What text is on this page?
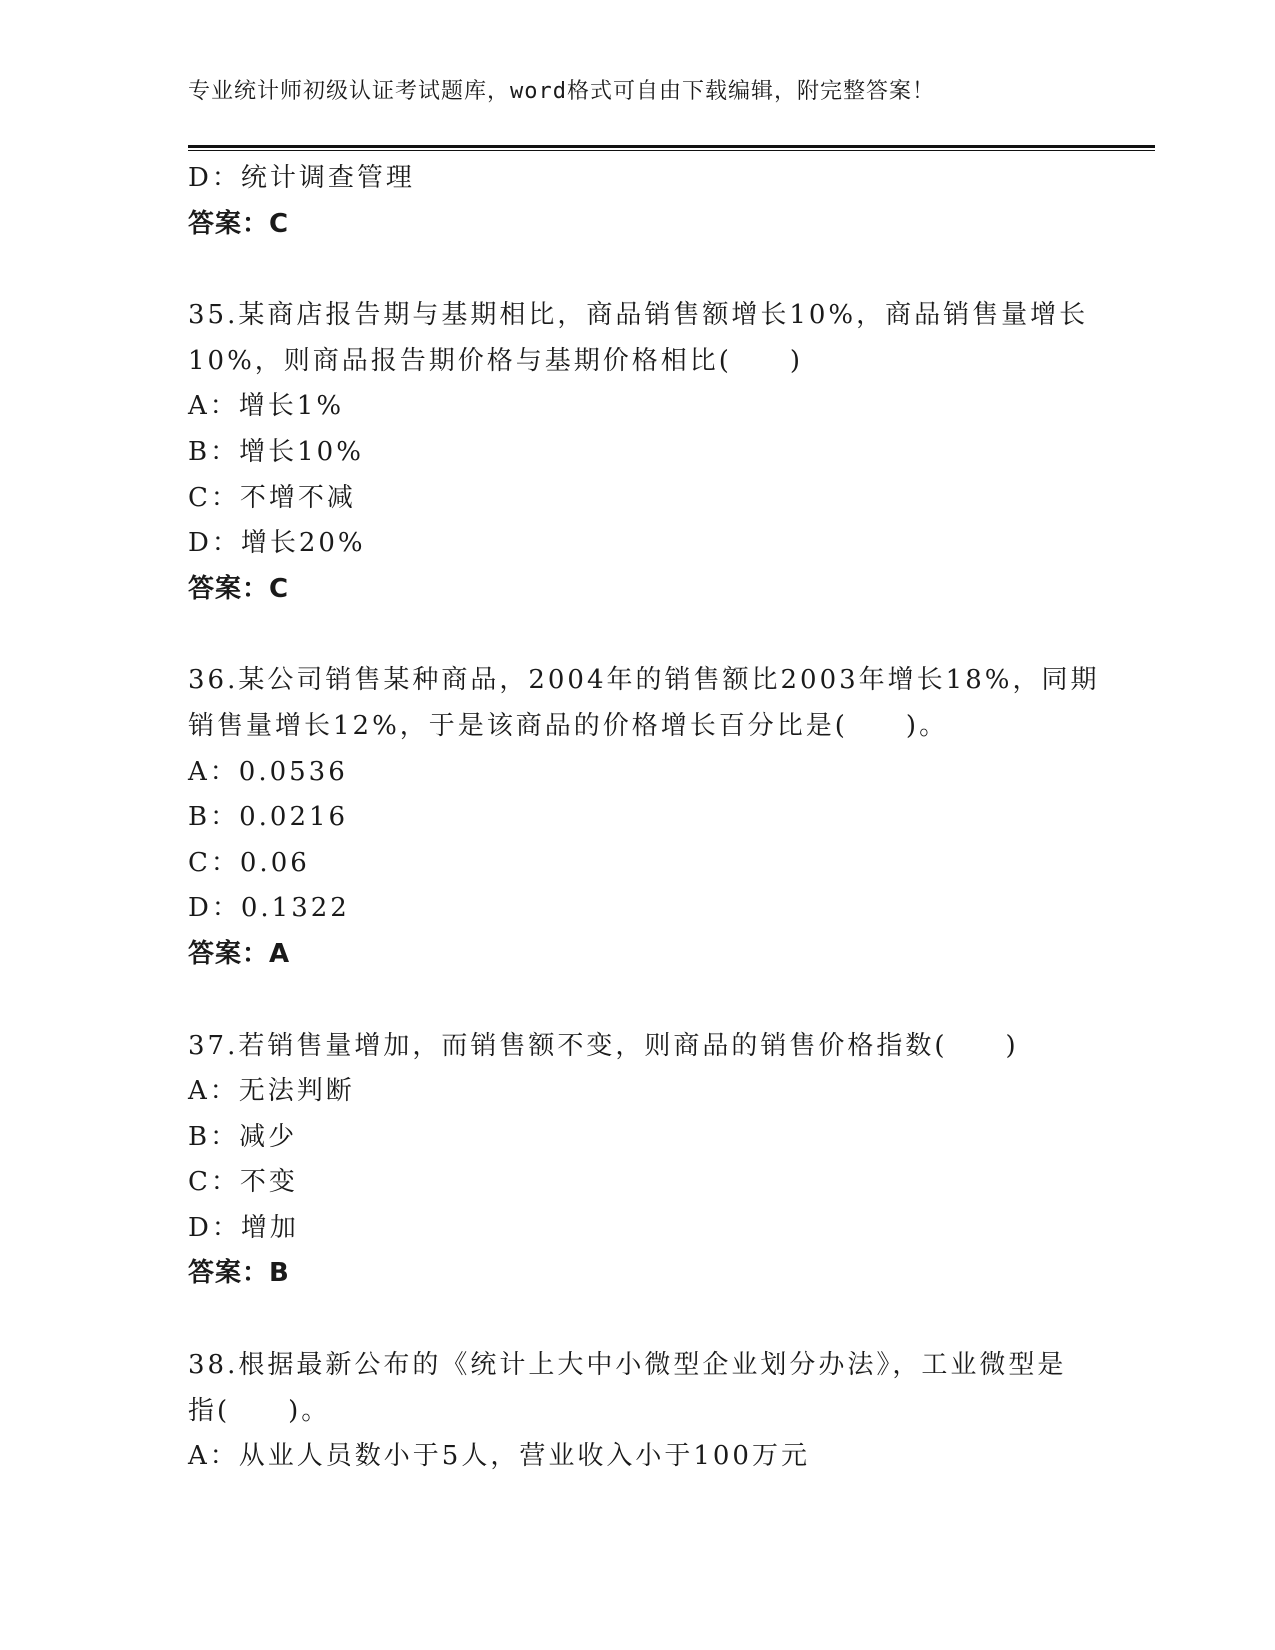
专业统计师初级认证考试题库，word格式可自由下载编辑，附完整答案！
D：统计调查管理
答案：C
35.某商店报告期与基期相比，商品销售额增长10%，商品销售量增长
10%，则商品报告期价格与基期价格相比(　　)
A：增长1%
B：增长10%
C：不增不减
D：增长20%
答案：C
36.某公司销售某种商品，2004年的销售额比2003年增长18%，同期
销售量增长12%，于是该商品的价格增长百分比是(　　)。
A：0.0536
B：0.0216
C：0.06
D：0.1322
答案：A
37.若销售量增加，而销售额不变，则商品的销售价格指数(　　)
A：无法判断
B：减少
C：不变
D：增加
答案：B
38.根据最新公布的《统计上大中小微型企业划分办法》，工业微型是
指(　　)。
A：从业人员数小于5人，营业收入小于100万元
